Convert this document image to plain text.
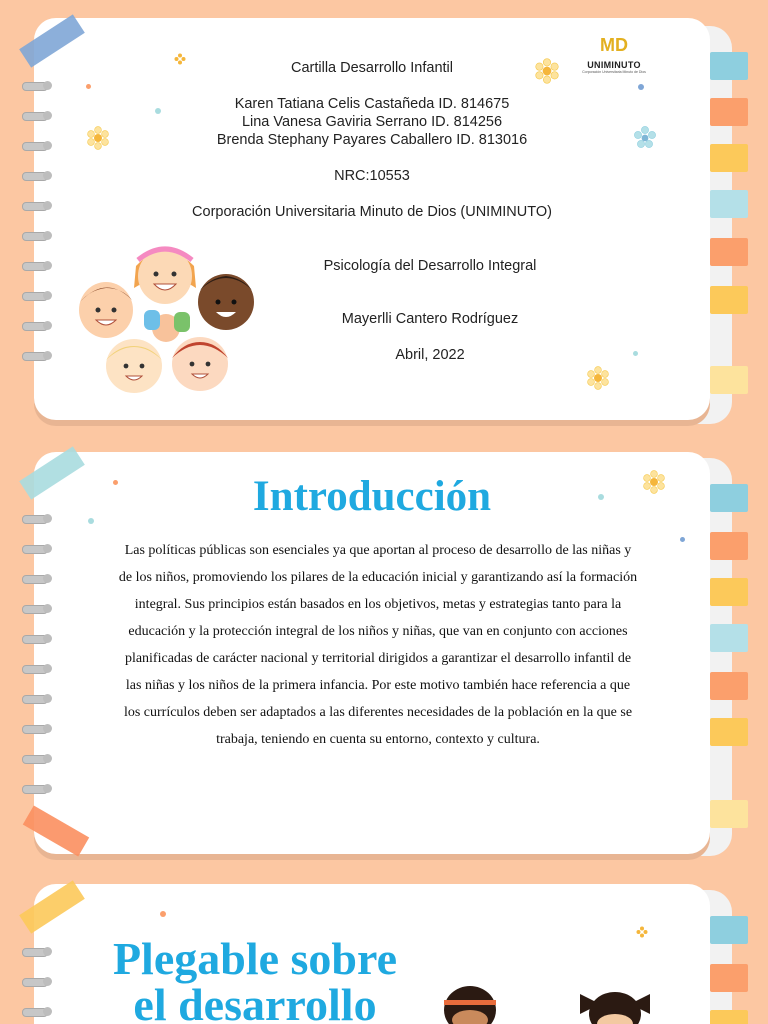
MD
UNIMINUTO
Corporación Universitaria Minuto de Dios
Cartilla Desarrollo Infantil
Karen Tatiana Celis Castañeda ID. 814675
Lina Vanesa Gaviria Serrano ID. 814256
Brenda Stephany Payares Caballero ID. 813016
NRC:10553
Corporación Universitaria Minuto de Dios (UNIMINUTO)
Psicología del Desarrollo Integral
Mayerlli Cantero Rodríguez
Abril, 2022
Introducción
Las políticas públicas son esenciales ya que aportan al proceso de desarrollo de las niñas y de los niños, promoviendo los pilares de la educación inicial y garantizando así la formación integral. Sus principios están basados en los objetivos, metas y estrategias tanto para la educación y la protección integral de los niños y niñas, que van en conjunto con acciones planificadas de carácter nacional y territorial dirigidos a garantizar el desarrollo infantil de las niñas y los niños de la primera infancia. Por este motivo también hace referencia a que los currículos deben ser adaptados a las diferentes necesidades de la población en la que se trabaja, teniendo en cuenta su entorno, contexto y cultura.
Plegable sobre
el desarrollo
